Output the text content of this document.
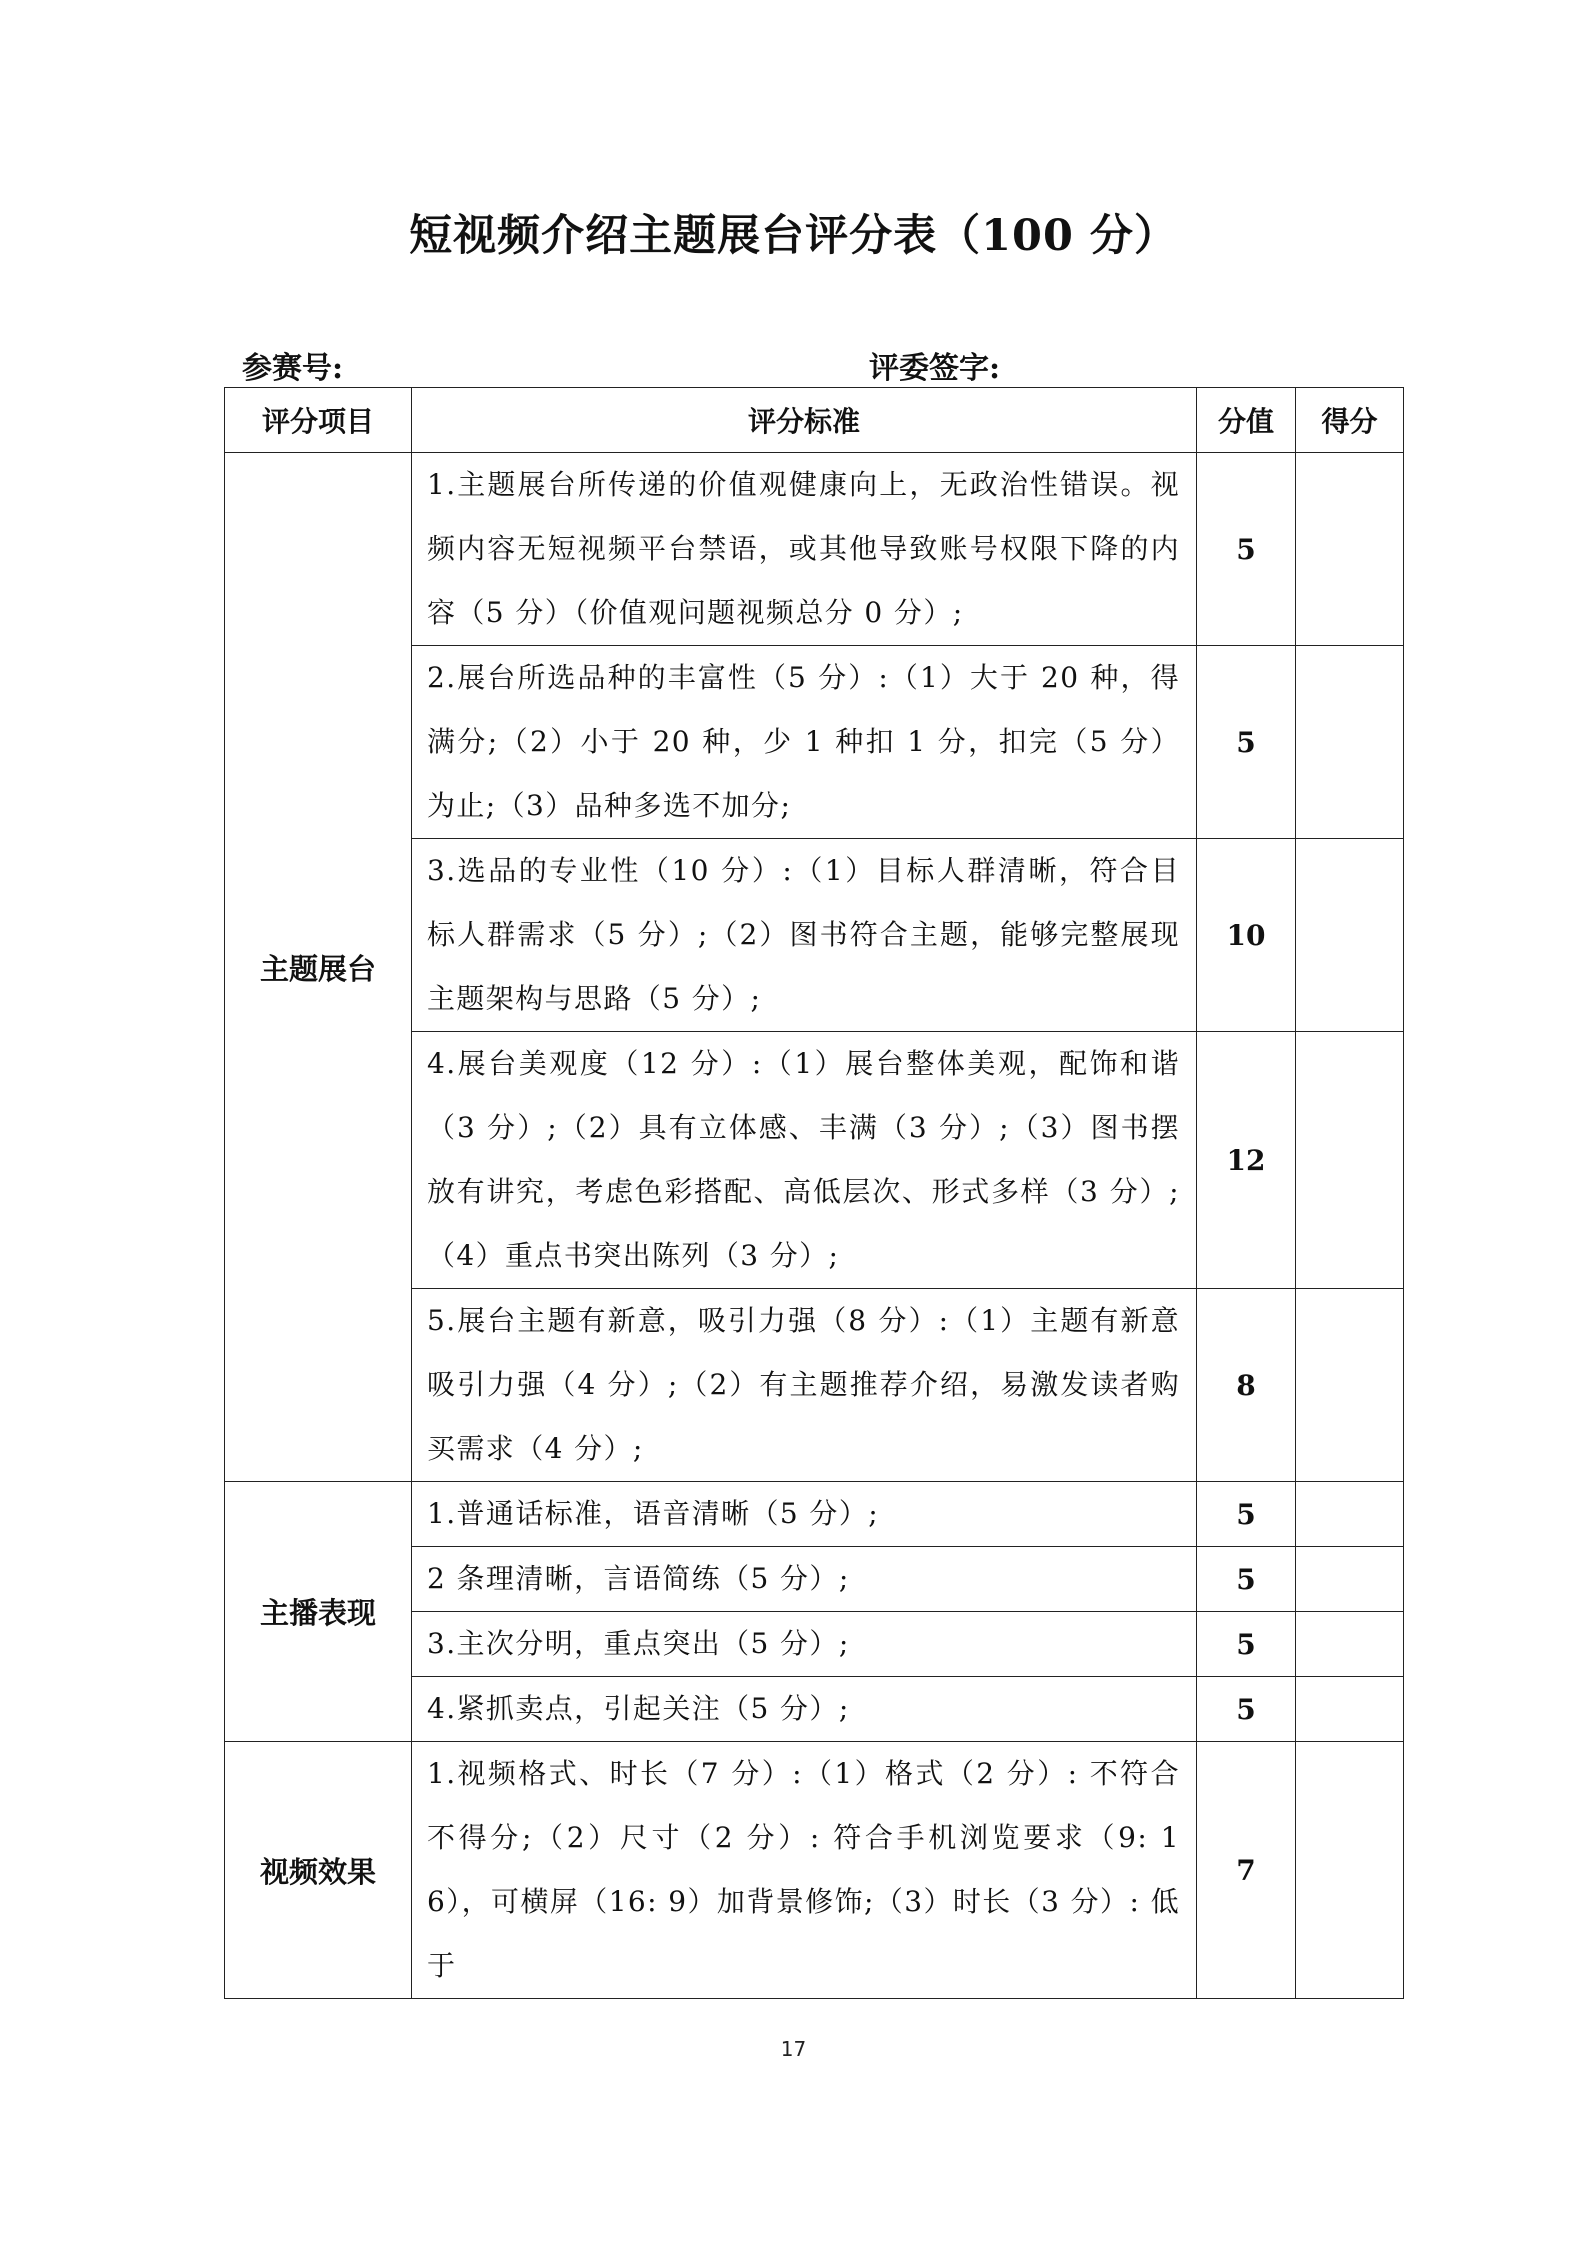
短视频介绍主题展台评分表（100 分）
参赛号:	评委签字:
评分项目	评分标准	分值	得分
主题展台	1.主题展台所传递的价值观健康向上，无政治性错误。视频内容无短视频平台禁语，或其他导致账号权限下降的内容（5 分）（价值观问题视频总分 0 分）;	5	
	2.展台所选品种的丰富性（5 分）:（1）大于 20 种，得满分;（2）小于 20 种，少 1 种扣 1 分，扣完（5 分）为止;（3）品种多选不加分;	5	
	3.选品的专业性（10 分）:（1）目标人群清晰，符合目标人群需求（5 分）;（2）图书符合主题，能够完整展现主题架构与思路（5 分）;	10	
	4.展台美观度（12 分）:（1）展台整体美观，配饰和谐（3 分）;（2）具有立体感、丰满（3 分）;（3）图书摆放有讲究，考虑色彩搭配、高低层次、形式多样（3 分）;（4）重点书突出陈列（3 分）;	12	
	5.展台主题有新意，吸引力强（8 分）:（1）主题有新意吸引力强（4 分）;（2）有主题推荐介绍，易激发读者购买需求（4 分）;	8	
主播表现	1.普通话标准，语音清晰（5 分）;	5	
	2 条理清晰，言语简练（5 分）;	5	
	3.主次分明，重点突出（5 分）;	5	
	4.紧抓卖点，引起关注（5 分）;	5	
视频效果	1.视频格式、时长（7 分）:（1）格式（2 分）: 不符合不得分;（2）尺寸（2 分）: 符合手机浏览要求（9: 16），可横屏（16: 9）加背景修饰;（3）时长（3 分）: 低于	7	
17
